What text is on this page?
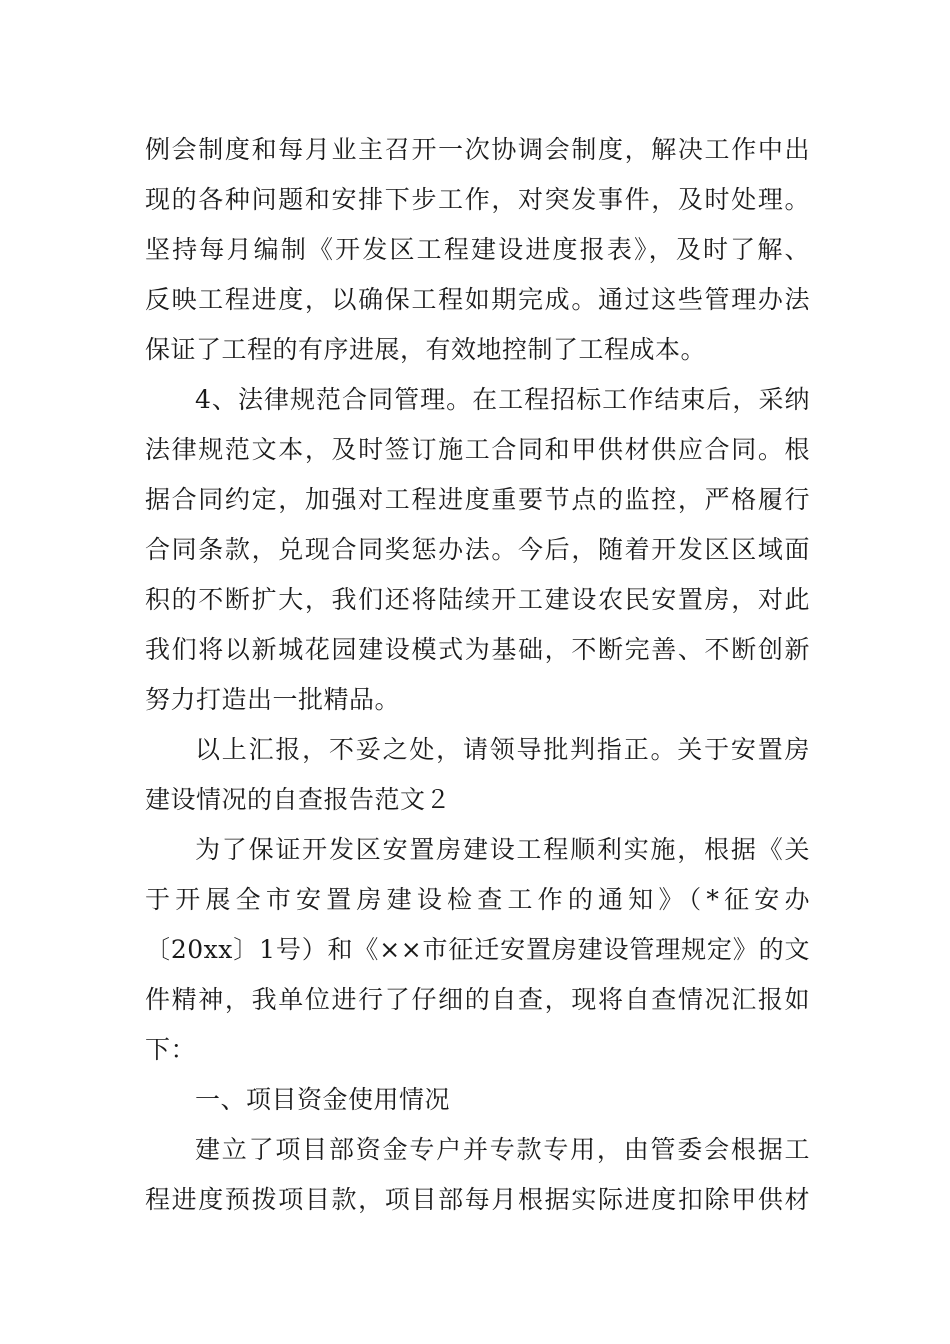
例会制度和每月业主召开一次协调会制度，解决工作中出
现的各种问题和安排下步工作，对突发事件，及时处理。
坚持每月编制《开发区工程建设进度报表》，及时了解、
反映工程进度，以确保工程如期完成。通过这些管理办法
保证了工程的有序进展，有效地控制了工程成本。
4、法律规范合同管理。在工程招标工作结束后，采纳
法律规范文本，及时签订施工合同和甲供材供应合同。根
据合同约定，加强对工程进度重要节点的监控，严格履行
合同条款，兑现合同奖惩办法。今后，随着开发区区域面
积的不断扩大，我们还将陆续开工建设农民安置房，对此
我们将以新城花园建设模式为基础，不断完善、不断创新
努力打造出一批精品。
以上汇报，不妥之处，请领导批判指正。关于安置房
建设情况的自查报告范文２
为了保证开发区安置房建设工程顺利实施，根据《关
于开展全市安置房建设检查工作的通知》（*征安办
〔20xx〕1号）和《××市征迁安置房建设管理规定》的文
件精神，我单位进行了仔细的自查，现将自查情况汇报如
下：
一、项目资金使用情况
建立了项目部资金专户并专款专用，由管委会根据工
程进度预拨项目款，项目部每月根据实际进度扣除甲供材
